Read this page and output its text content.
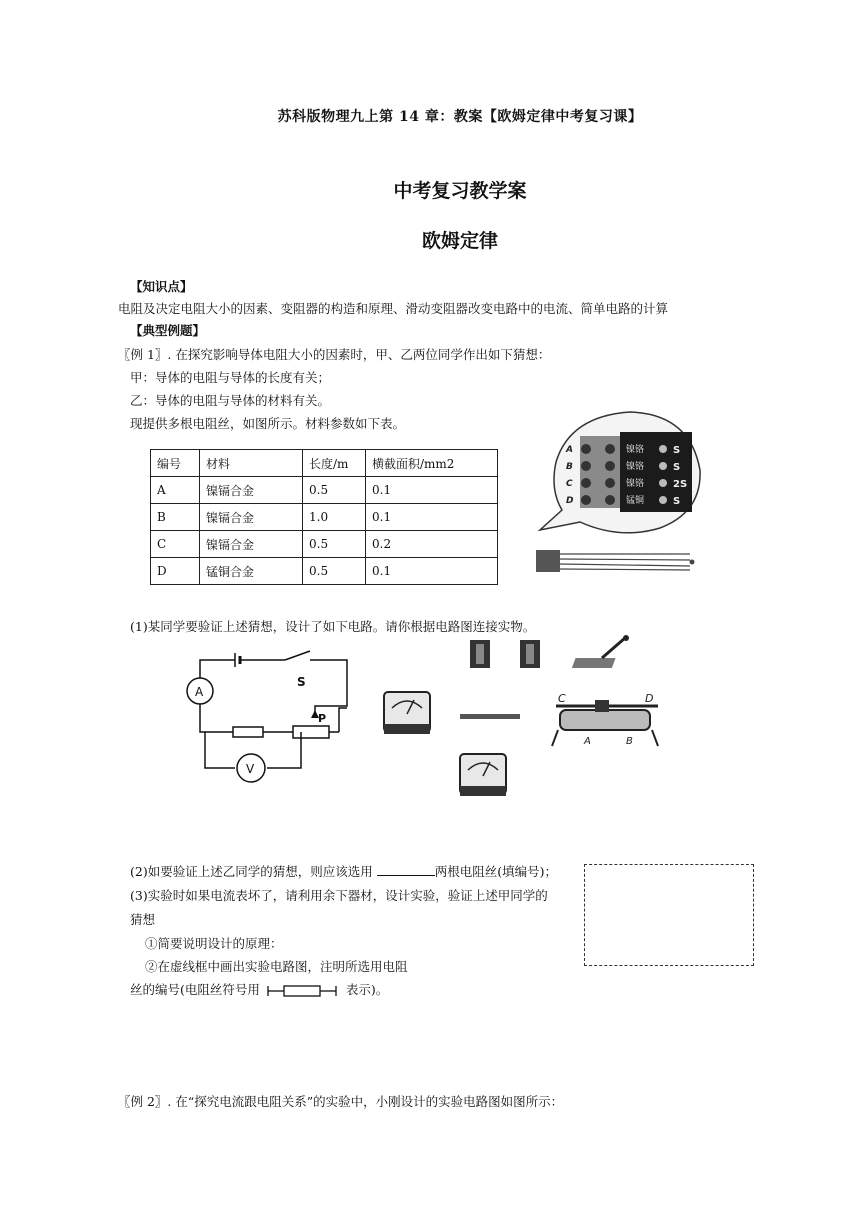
苏科版物理九上第 14 章：教案【欧姆定律中考复习课】
中考复习教学案
欧姆定律
【知识点】
电阻及决定电阻大小的因素、变阻器的构造和原理、滑动变阻器改变电路中的电流、简单电路的计算
【典型例题】
〖例 1〗. 在探究影响导体电阻大小的因素时，甲、乙两位同学作出如下猜想：
甲：导体的电阻与导体的长度有关；
乙：导体的电阻与导体的材料有关。
现提供多根电阻丝，如图所示。材料参数如下表。
编号	材料	长度/m	横截面积/mm2
A	镍镉合金	0.5	0.1
B	镍镉合金	1.0	0.1
C	镍镉合金	0.5	0.2
D	锰铜合金	0.5	0.1
A
B
C
D
镍铬
镍铬
镍铬
锰铜
S
S
2S
S
(1)某同学要验证上述猜想，设计了如下电路。请你根据电路图连接实物。
A
V
S
P
C	D
A	B
(2)如要验证上述乙同学的猜想，则应该选用	两根电阻丝(填编号)；
(3)实验时如果电流表坏了，请利用余下器材，设计实验，验证上述甲同学的
猜想
①简要说明设计的原理：
②在虚线框中画出实验电路图，注明所选用电阻
丝的编号(电阻丝符号用	表示)。
〖例 2〗. 在“探究电流跟电阻关系”的实验中，小刚设计的实验电路图如图所示：
